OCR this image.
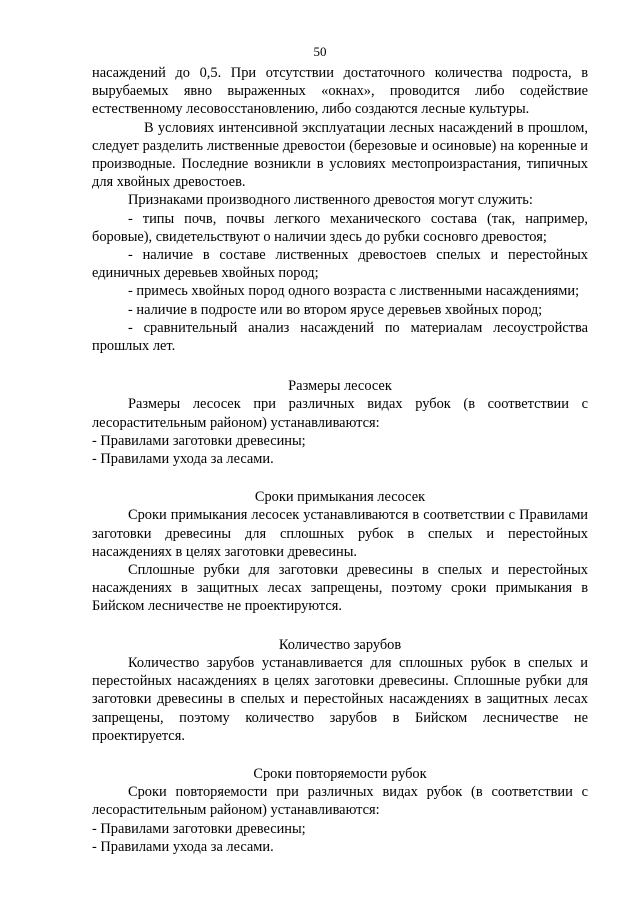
50

насаждений до 0,5. При отсутствии достаточного количества подроста, в вырубаемых явно выраженных «окнах», проводится либо содействие естественному лесовосстановлению, либо создаются лесные культуры.

В условиях интенсивной эксплуатации лесных насаждений в прошлом, следует разделить лиственные древостои (березовые и осиновые) на коренные и производные. Последние возникли в условиях местопроизрастания, типичных для хвойных древостоев.

Признаками производного лиственного древостоя могут служить:

- типы почв, почвы легкого механического состава (так, например, боровые), свидетельствуют о наличии здесь до рубки сосновго древостоя;

- наличие в составе лиственных древостоев спелых и перестойных единичных деревьев хвойных пород;

- примесь хвойных пород одного возраста с лиственными насаждениями;

- наличие в подросте или во втором ярусе деревьев хвойных пород;

- сравнительный анализ насаждений по материалам лесоустройства прошлых лет.

Размеры лесосек

Размеры лесосек при различных видах рубок (в соответствии с лесорастительным районом) устанавливаются:

- Правилами заготовки древесины;

- Правилами ухода за лесами.

Сроки примыкания лесосек

Сроки примыкания лесосек устанавливаются в соответствии с Правилами заготовки древесины для сплошных рубок в спелых и перестойных насаждениях в целях заготовки древесины.

Сплошные рубки для заготовки древесины в спелых и перестойных насаждениях в защитных лесах запрещены, поэтому сроки примыкания в Бийском лесничестве не проектируются.

Количество зарубов

Количество зарубов устанавливается для сплошных рубок в спелых и перестойных насаждениях в целях заготовки древесины. Сплошные рубки для заготовки древесины в спелых и перестойных насаждениях в защитных лесах запрещены, поэтому количество зарубов в Бийском лесничестве не проектируется.

Сроки повторяемости рубок

Сроки повторяемости при различных видах рубок (в соответствии с лесорастительным районом) устанавливаются:

- Правилами заготовки древесины;

- Правилами ухода за лесами.
